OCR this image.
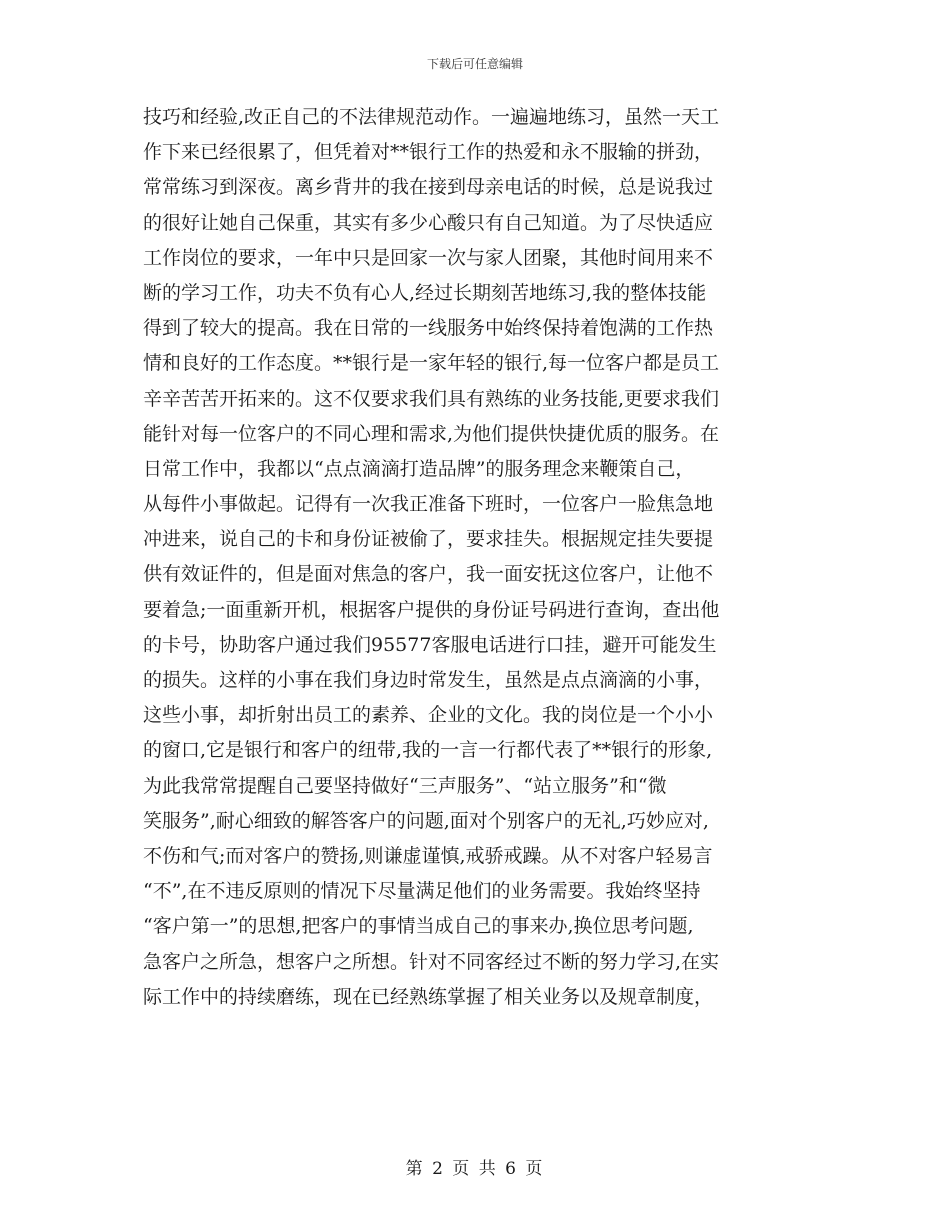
下载后可任意编辑
技巧和经验,改正自己的不法律规范动作。一遍遍地练习，虽然一天工
作下来已经很累了，但凭着对**银行工作的热爱和永不服输的拼劲，
常常练习到深夜。离乡背井的我在接到母亲电话的时候，总是说我过
的很好让她自己保重，其实有多少心酸只有自己知道。为了尽快适应
工作岗位的要求，一年中只是回家一次与家人团聚，其他时间用来不
断的学习工作，功夫不负有心人,经过长期刻苦地练习,我的整体技能
得到了较大的提高。我在日常的一线服务中始终保持着饱满的工作热
情和良好的工作态度。**银行是一家年轻的银行,每一位客户都是员工
辛辛苦苦开拓来的。这不仅要求我们具有熟练的业务技能,更要求我们
能针对每一位客户的不同心理和需求,为他们提供快捷优质的服务。在
日常工作中，我都以“点点滴滴打造品牌”的服务理念来鞭策自己，
从每件小事做起。记得有一次我正准备下班时，一位客户一脸焦急地
冲进来，说自己的卡和身份证被偷了，要求挂失。根据规定挂失要提
供有效证件的，但是面对焦急的客户，我一面安抚这位客户，让他不
要着急;一面重新开机，根据客户提供的身份证号码进行查询，查出他
的卡号，协助客户通过我们95577客服电话进行口挂，避开可能发生
的损失。这样的小事在我们身边时常发生，虽然是点点滴滴的小事，
这些小事，却折射出员工的素养、企业的文化。我的岗位是一个小小
的窗口,它是银行和客户的纽带,我的一言一行都代表了**银行的形象,
为此我常常提醒自己要坚持做好“三声服务”、“站立服务”和“微
笑服务”,耐心细致的解答客户的问题,面对个别客户的无礼,巧妙应对,
不伤和气;而对客户的赞扬,则谦虚谨慎,戒骄戒躁。从不对客户轻易言
“不”,在不违反原则的情况下尽量满足他们的业务需要。我始终坚持
“客户第一”的思想,把客户的事情当成自己的事来办,换位思考问题,
急客户之所急，想客户之所想。针对不同客经过不断的努力学习,在实
际工作中的持续磨练，现在已经熟练掌握了相关业务以及规章制度，
第 2 页 共 6 页
